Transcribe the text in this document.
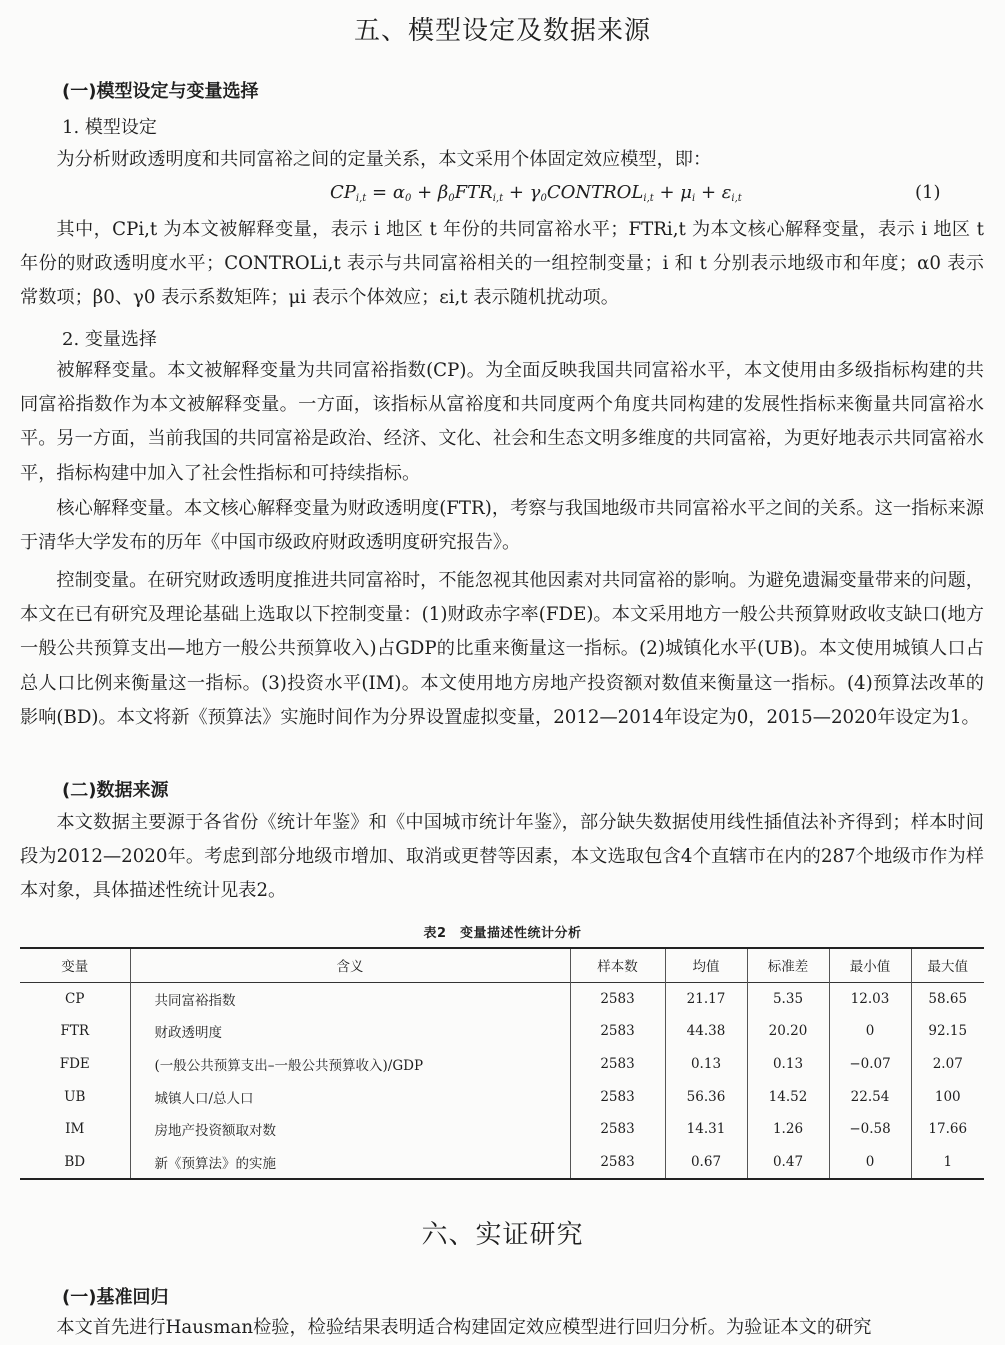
五、模型设定及数据来源
(一)模型设定与变量选择
1. 模型设定

为分析财政透明度和共同富裕之间的定量关系，本文采用个体固定效应模型，即：

$CP_{i,t} = \alpha_0 + \beta_0FTR_{i,t}$ + $\gamma_0CONTROL_{i,t} + \mu_i + \varepsilon_{i,t}$	(1)

其中，CPi,t 为本文被解释变量，表示 i 地区 t 年份的共同富裕水平；FTRi,t 为本文核心解释变量，表示 i 地区 t 年份的财政透明度水平；CONTROLi,t 表示与共同富裕相关的一组控制变量；i 和 t 分别表示地级市和年度；α0 表示常数项；β0、γ0 表示系数矩阵；μi 表示个体效应；εi,t 表示随机扰动项。

2. 变量选择

被解释变量。本文被解释变量为共同富裕指数(CP)。为全面反映我国共同富裕水平，本文使用由多级指标构建的共同富裕指数作为本文被解释变量。一方面，该指标从富裕度和共同度两个角度共同构建的发展性指标来衡量共同富裕水平。另一方面，当前我国的共同富裕是政治、经济、文化、社会和生态文明多维度的共同富裕，为更好地表示共同富裕水平，指标构建中加入了社会性指标和可持续指标。

核心解释变量。本文核心解释变量为财政透明度(FTR)，考察与我国地级市共同富裕水平之间的关系。这一指标来源于清华大学发布的历年《中国市级政府财政透明度研究报告》。

控制变量。在研究财政透明度推进共同富裕时，不能忽视其他因素对共同富裕的影响。为避免遗漏变量带来的问题，本文在已有研究及理论基础上选取以下控制变量：(1)财政赤字率(FDE)。本文采用地方一般公共预算财政收支缺口(地方一般公共预算支出—地方一般公共预算收入)占GDP的比重来衡量这一指标。(2)城镇化水平(UB)。本文使用城镇人口占总人口比例来衡量这一指标。(3)投资水平(IM)。本文使用地方房地产投资额对数值来衡量这一指标。(4)预算法改革的影响(BD)。本文将新《预算法》实施时间作为分界设置虚拟变量，2012—2014年设定为0，2015—2020年设定为1。

(二)数据来源

本文数据主要源于各省份《统计年鉴》和《中国城市统计年鉴》，部分缺失数据使用线性插值法补齐得到；样本时间段为2012—2020年。考虑到部分地级市增加、取消或更替等因素，本文选取包含4个直辖市在内的287个地级市作为样本对象，具体描述性统计见表2。

表2　变量描述性统计分析
变量	含义	样本数	均值	标准差	最小值	最大值
CP	共同富裕指数	2583	21.17	5.35	12.03	58.65
FTR	财政透明度	2583	44.38	20.20	0	92.15
FDE	(一般公共预算支出–一般公共预算收入)/GDP	2583	0.13	0.13	−0.07	2.07
UB	城镇人口/总人口	2583	56.36	14.52	22.54	100
IM	房地产投资额取对数	2583	14.31	1.26	−0.58	17.66
BD	新《预算法》的实施	2583	0.67	0.47	0	1
六、实证研究
(一)基准回归

本文首先进行Hausman检验，检验结果表明适合构建固定效应模型进行回归分析。为验证本文的研究
